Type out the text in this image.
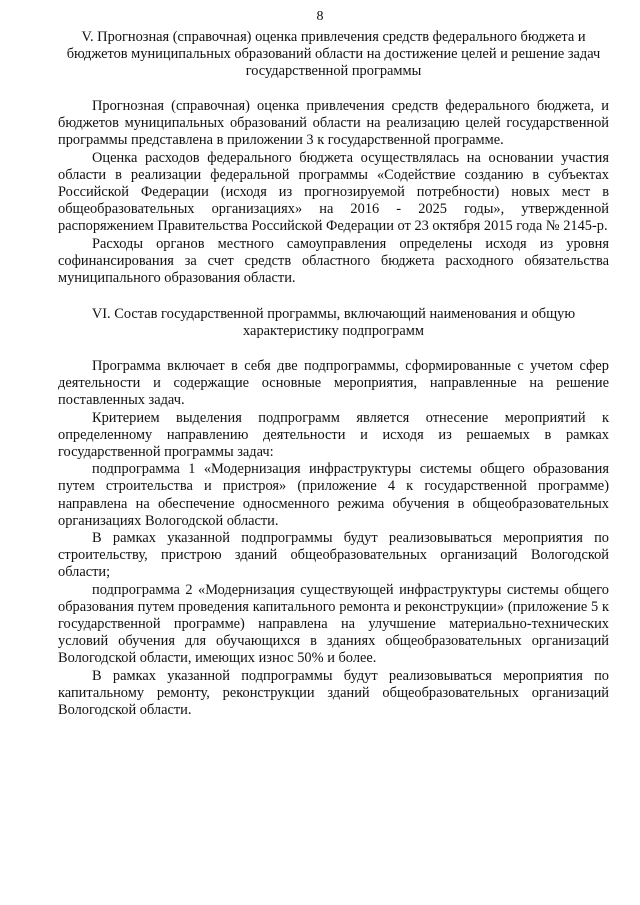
8
V. Прогнозная (справочная) оценка привлечения средств федерального бюджета и бюджетов муниципальных образований области на достижение целей и решение задач государственной программы

Прогнозная (справочная) оценка привлечения средств федерального бюджета, и бюджетов муниципальных образований области на реализацию целей государственной программы представлена в приложении 3 к государственной программе.

Оценка расходов федерального бюджета осуществлялась на основании участия области в реализации федеральной программы «Содействие созданию в субъектах Российской Федерации (исходя из прогнозируемой потребности) новых мест в общеобразовательных организациях» на 2016 - 2025 годы», утвержденной распоряжением Правительства Российской Федерации от 23 октября 2015 года № 2145-р.

Расходы органов местного самоуправления определены исходя из уровня софинансирования за счет средств областного бюджета расходного обязательства муниципального образования области.

VI. Состав государственной программы, включающий наименования и общую характеристику подпрограмм

Программа включает в себя две подпрограммы, сформированные с учетом сфер деятельности и содержащие основные мероприятия, направленные на решение поставленных задач.

Критерием выделения подпрограмм является отнесение мероприятий к определенному направлению деятельности и исходя из решаемых в рамках государственной программы задач:

подпрограмма 1 «Модернизация инфраструктуры системы общего образования путем строительства и пристроя» (приложение 4 к государственной программе) направлена на обеспечение односменного режима обучения в общеобразовательных организациях Вологодской области.

В рамках указанной подпрограммы будут реализовываться мероприятия по строительству, пристрою зданий общеобразовательных организаций Вологодской области;

подпрограмма 2 «Модернизация существующей инфраструктуры системы общего образования путем проведения капитального ремонта и реконструкции» (приложение 5 к государственной программе) направлена на улучшение материально-технических условий обучения для обучающихся в зданиях общеобразовательных организаций Вологодской области, имеющих износ 50% и более.

В рамках указанной подпрограммы будут реализовываться мероприятия по капитальному ремонту, реконструкции зданий общеобразовательных организаций Вологодской области.
